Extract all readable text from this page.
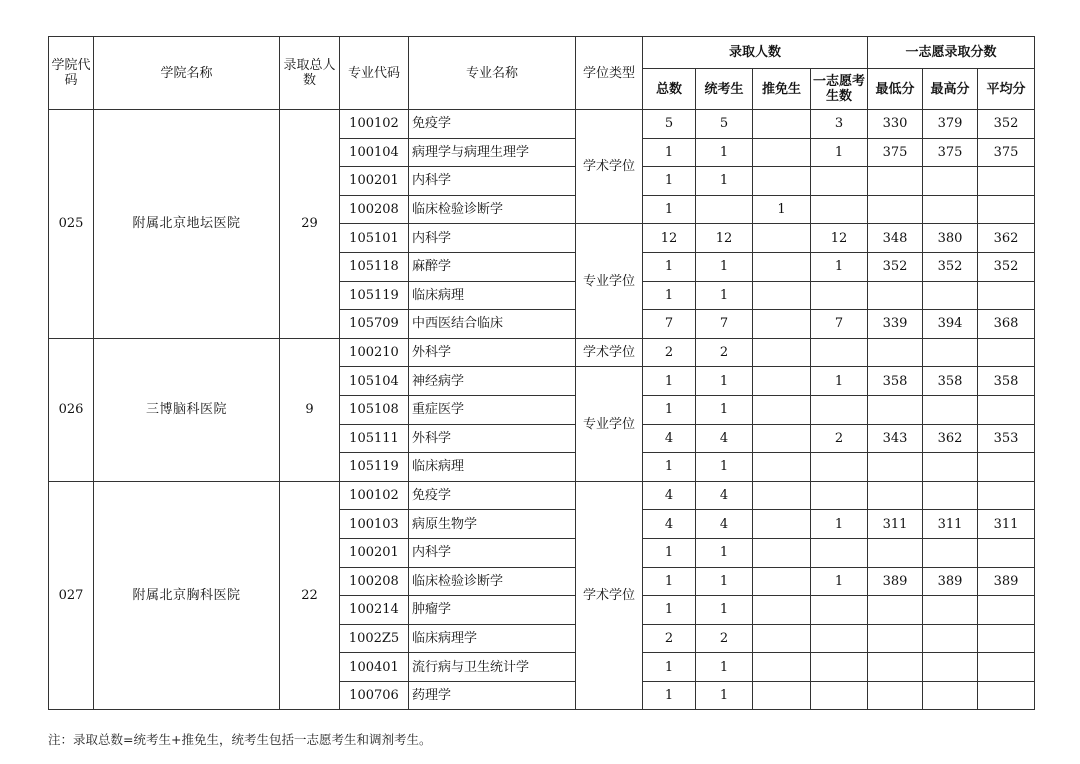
学院代码	学院名称	录取总人数	专业代码	专业名称	学位类型	录取人数				一志愿录取分数		
						总数	统考生	推免生	一志愿考生数	最低分	最高分	平均分
025	附属北京地坛医院	29	100102	免疫学	学术学位	5	5		3	330	379	352
			100104	病理学与病理生理学		1	1		1	375	375	375
			100201	内科学		1	1					
			100208	临床检验诊断学		1		1				
			105101	内科学	专业学位	12	12		12	348	380	362
			105118	麻醉学		1	1		1	352	352	352
			105119	临床病理		1	1					
			105709	中西医结合临床		7	7		7	339	394	368
026	三博脑科医院	9	100210	外科学	学术学位	2	2					
			105104	神经病学	专业学位	1	1		1	358	358	358
			105108	重症医学		1	1					
			105111	外科学		4	4		2	343	362	353
			105119	临床病理		1	1					
027	附属北京胸科医院	22	100102	免疫学	学术学位	4	4					
			100103	病原生物学		4	4		1	311	311	311
			100201	内科学		1	1					
			100208	临床检验诊断学		1	1		1	389	389	389
			100214	肿瘤学		1	1					
			1002Z5	临床病理学		2	2					
			100401	流行病与卫生统计学		1	1					
			100706	药理学		1	1					
注：录取总数=统考生+推免生，统考生包括一志愿考生和调剂考生。
